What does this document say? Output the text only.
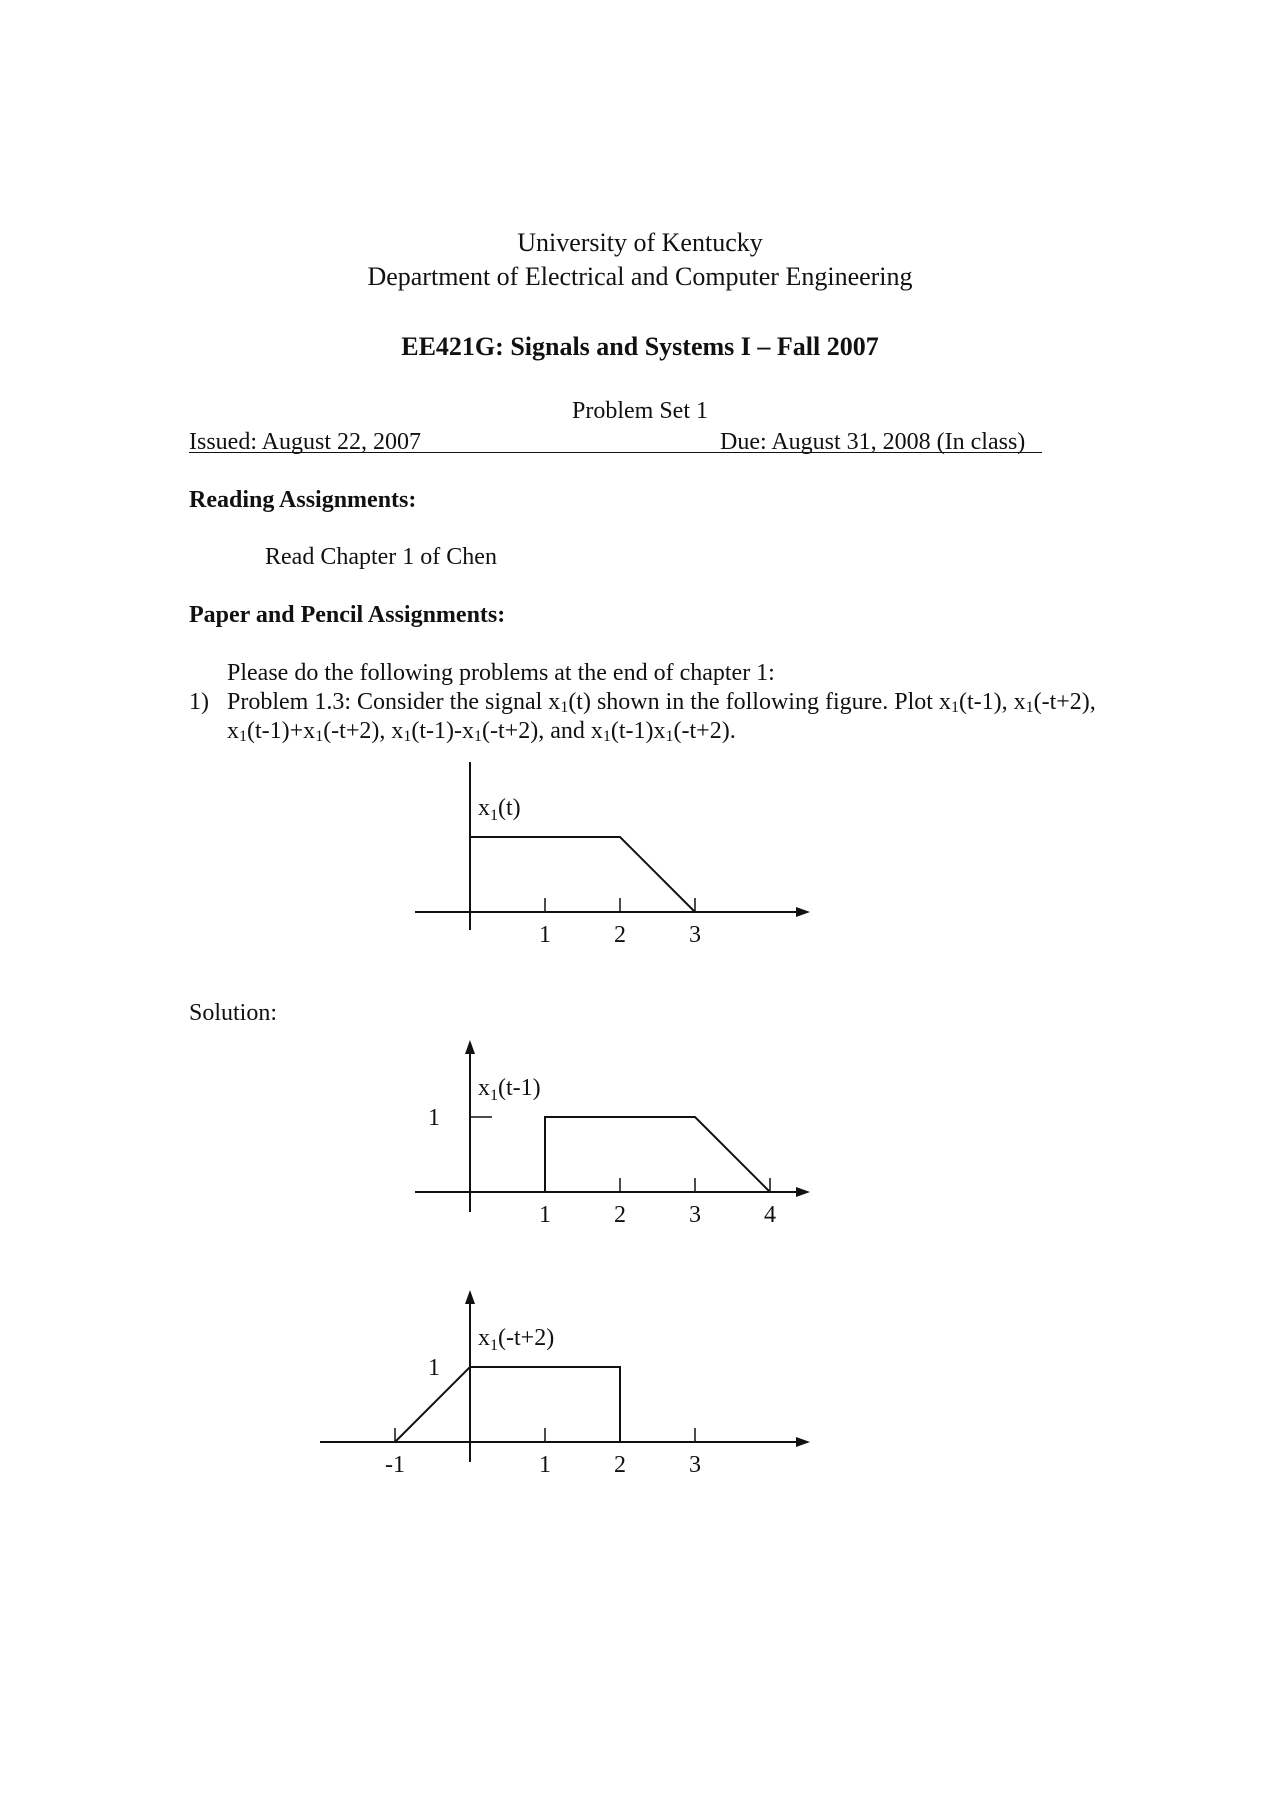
University of Kentucky
Department of Electrical and Computer Engineering
EE421G: Signals and Systems I – Fall 2007
Problem Set 1
Issued: August 22, 2007	Due: August 31, 2008 (In class)
Reading Assignments:
Read Chapter 1 of Chen
Paper and Pencil Assignments:
Please do the following problems at the end of chapter 1:
1) Problem 1.3: Consider the signal $x_1(t)$ shown in the following figure. Plot $x_1(t-1)$, $x_1(-t+2)$,
$x_1(t-1)+x_1(-t+2)$, $x_1(t-1)-x_1(-t+2)$, and $x_1(t-1)x_1(-t+2)$.
Solution:
1	2	3
$x_1(t)$
1	2	3	4
1
$x_1(t-1)$
-1	1	2	3
1
$x_1(-t+2)$
